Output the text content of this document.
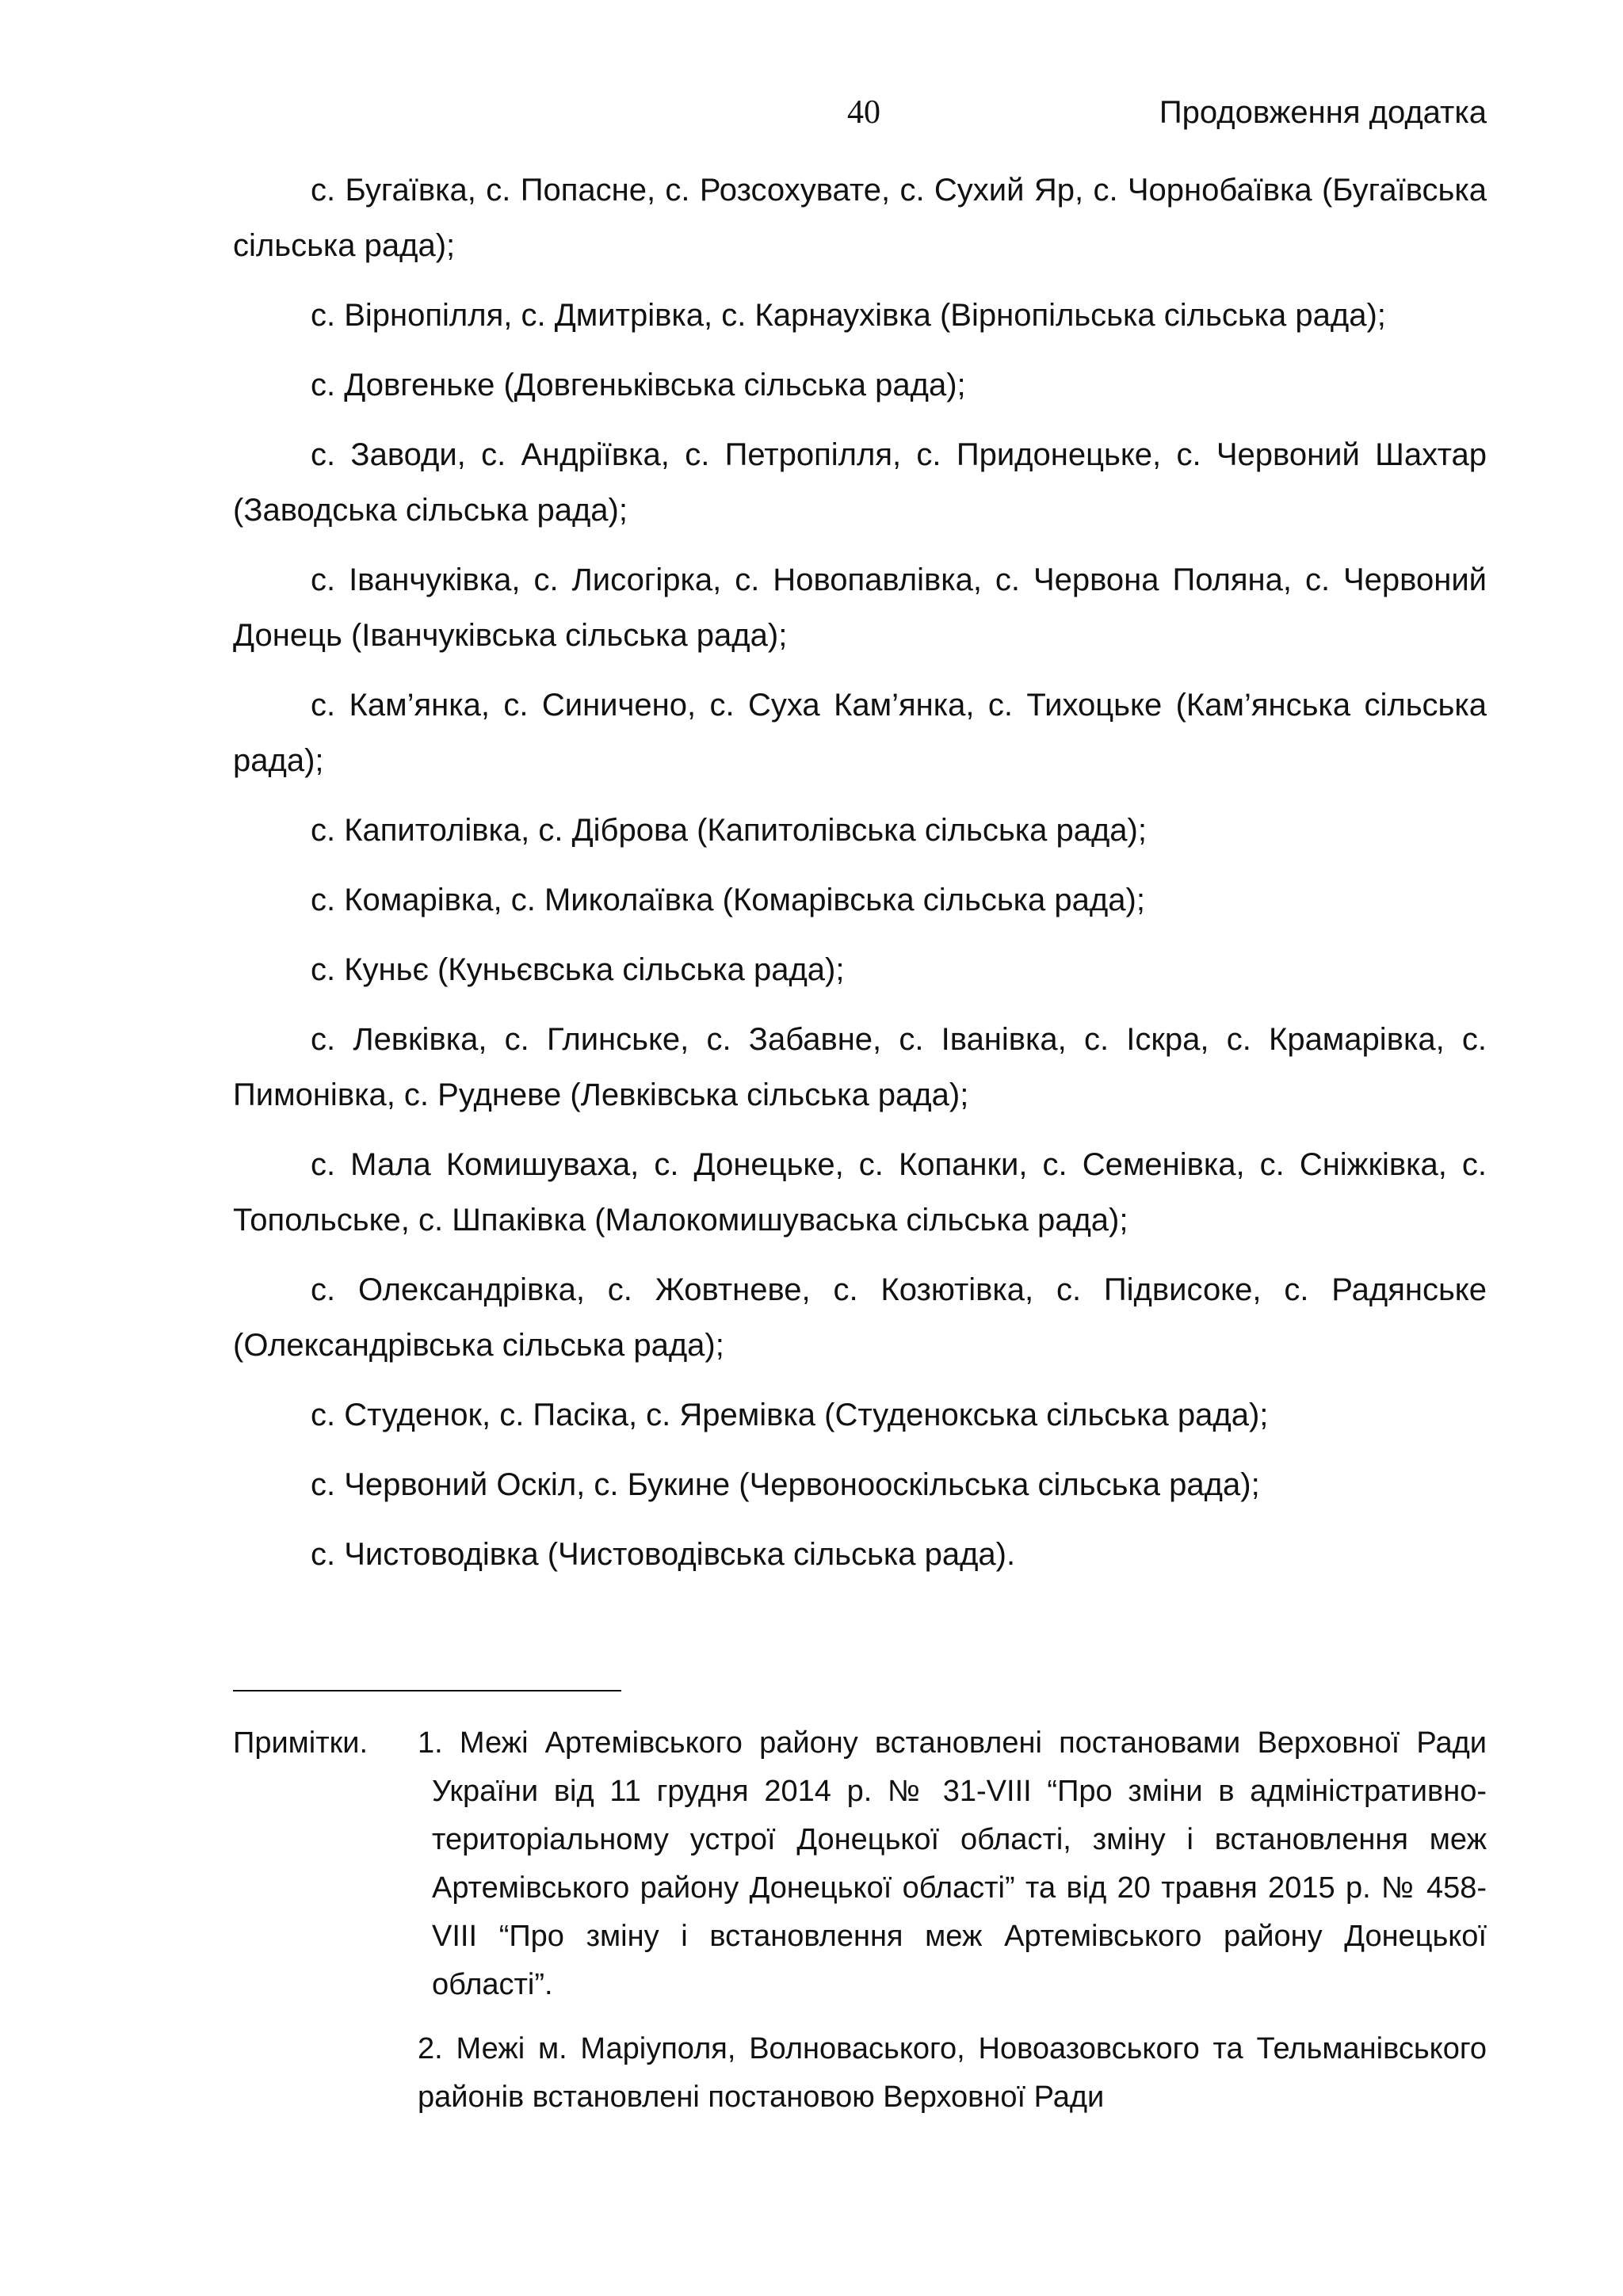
40	Продовження додатка

с. Бугаївка, с. Попасне, с. Розсохувате, с. Сухий Яр, с. Чорнобаївка (Бугаївська сільська рада);

с. Вірнопілля, с. Дмитрівка, с. Карнаухівка (Вірнопільська сільська рада);

с. Довгеньке (Довгеньківська сільська рада);

с. Заводи, с. Андріївка, с. Петропілля, с. Придонецьке, с. Червоний Шахтар (Заводська сільська рада);

с. Іванчуківка, с. Лисогірка, с. Новопавлівка, с. Червона Поляна, с. Червоний Донець (Іванчуківська сільська рада);

с. Кам’янка, с. Синичено, с. Суха Кам’янка, с. Тихоцьке (Кам’янська сільська рада);

с. Капитолівка, с. Діброва (Капитолівська сільська рада);

с. Комарівка, с. Миколаївка (Комарівська сільська рада);

с. Куньє (Куньєвська сільська рада);

с. Левківка, с. Глинське, с. Забавне, с. Іванівка, с. Іскра, с. Крамарівка, с. Пимонівка, с. Рудневе (Левківська сільська рада);

с. Мала Комишуваха, с. Донецьке, с. Копанки, с. Семенівка, с. Сніжківка, с. Топольське, с. Шпаківка (Малокомишуваська сільська рада);

с. Олександрівка, с. Жовтневе, с. Козютівка, с. Підвисоке, с. Радянське (Олександрівська сільська рада);

с. Студенок, с. Пасіка, с. Яремівка (Студенокська сільська рада);

с. Червоний Оскіл, с. Букине (Червоноoскільська сільська рада);

с. Чистоводівка (Чистоводівська сільська рада).

Примітки.	1. Межі Артемівського району встановлені постановами Верховної Ради України від 11 грудня 2014 р. № 31-VIII “Про зміни в адміністративно-територіальному устрої Донецької області, зміну і встановлення меж Артемівського району Донецької області” та від 20 травня 2015 р. № 458-VIII “Про зміну і встановлення меж Артемівського району Донецької області”.

2. Межі м. Маріуполя, Волноваського, Новоазовського та Тельманівського районів встановлені постановою Верховної Ради
